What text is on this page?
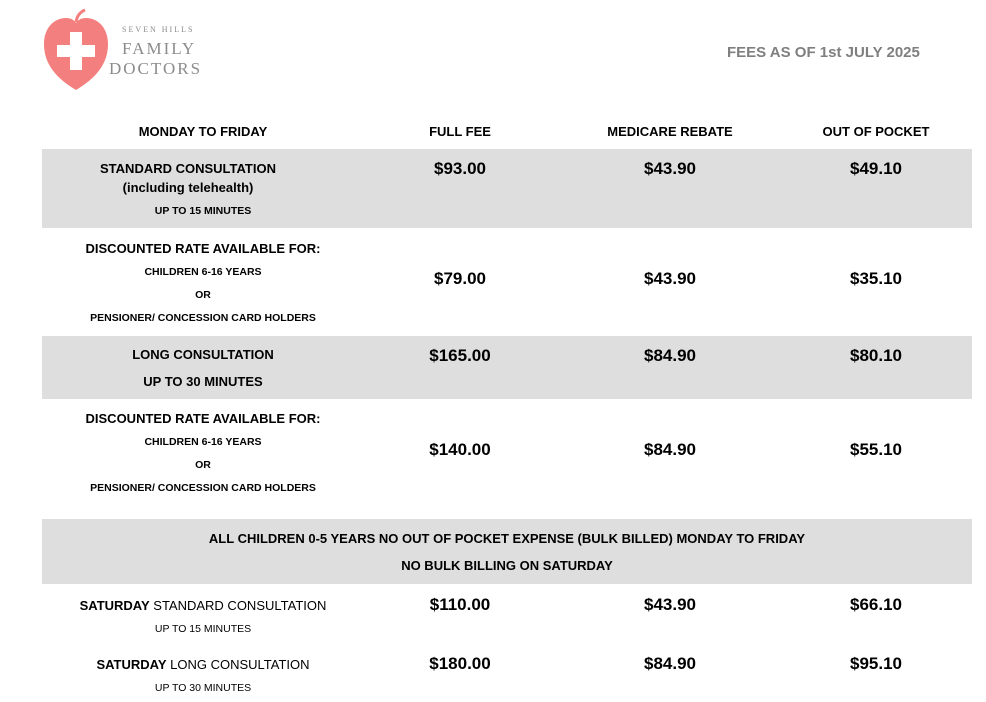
SEVEN HILLS
FAMILY
DOCTORS
FEES AS OF 1st JULY 2025
MONDAY TO FRIDAY	FULL FEE	MEDICARE REBATE	OUT OF POCKET
STANDARD CONSULTATION (including telehealth)
UP TO 15 MINUTES
$93.00	$43.90	$49.10
DISCOUNTED RATE AVAILABLE FOR:
CHILDREN 6-16 YEARS
OR
PENSIONER/ CONCESSION CARD HOLDERS
$79.00	$43.90	$35.10
LONG CONSULTATION
UP TO 30 MINUTES
$165.00	$84.90	$80.10
DISCOUNTED RATE AVAILABLE FOR:
CHILDREN 6-16 YEARS
OR
PENSIONER/ CONCESSION CARD HOLDERS
$140.00	$84.90	$55.10
ALL CHILDREN 0-5 YEARS NO OUT OF POCKET EXPENSE (BULK BILLED) MONDAY TO FRIDAY
NO BULK BILLING ON SATURDAY
SATURDAY STANDARD CONSULTATION
UP TO 15 MINUTES
$110.00	$43.90	$66.10
SATURDAY LONG CONSULTATION
UP TO 30 MINUTES
$180.00	$84.90	$95.10
